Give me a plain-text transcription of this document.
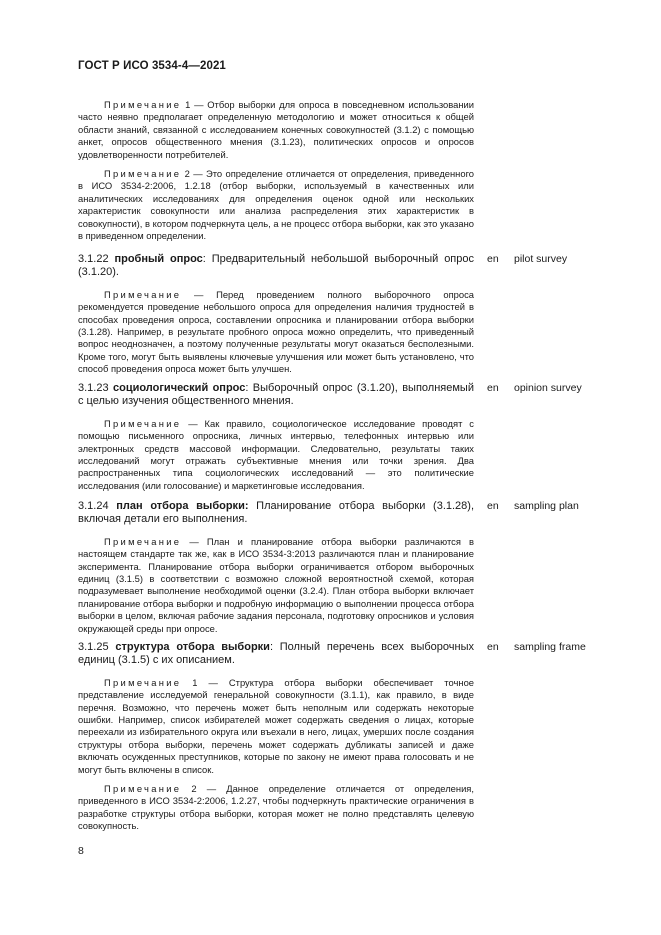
ГОСТ Р ИСО 3534-4—2021

Примечание 1 — Отбор выборки для опроса в повседневном использовании часто неявно предполагает определенную методологию и может относиться к общей области знаний, связанной с исследованием конечных совокупностей (3.1.2) с помощью анкет, опросов общественного мнения (3.1.23), политических опросов и опросов удовлетворенности потребителей.

Примечание 2 — Это определение отличается от определения, приведенного в ИСО 3534-2:2006, 1.2.18 (отбор выборки, используемый в качественных или аналитических исследованиях для определения оценок одной или нескольких характеристик совокупности или анализа распределения этих характеристик в совокупности), в котором подчеркнута цель, а не процесс отбора выборки, как это указано в приведенном определении.

3.1.22 пробный опрос: Предварительный небольшой выборочный опрос (3.1.20).

Примечание — Перед проведением полного выборочного опроса рекомендуется проведение небольшого опроса для определения наличия трудностей в способах проведения опроса, составлении опросника и планировании отбора выборки (3.1.28). Например, в результате пробного опроса можно определить, что приведенный вопрос неоднозначен, а поэтому полученные результаты могут оказаться бесполезными. Кроме того, могут быть выявлены ключевые улучшения или может быть установлено, что способ проведения опроса может быть улучшен.

en pilot survey

3.1.23 социологический опрос: Выборочный опрос (3.1.20), выполняемый с целью изучения общественного мнения.

Примечание — Как правило, социологическое исследование проводят с помощью письменного опросника, личных интервью, телефонных интервью или электронных средств массовой информации. Следовательно, результаты таких исследований могут отражать субъективные мнения или точки зрения. Два распространенных типа социологических исследований — это политические исследования (или голосование) и маркетинговые исследования.

en opinion survey

3.1.24 план отбора выборки: Планирование отбора выборки (3.1.28), включая детали его выполнения.

Примечание — План и планирование отбора выборки различаются в настоящем стандарте так же, как в ИСО 3534-3:2013 различаются план и планирование эксперимента. Планирование отбора выборки ограничивается отбором выборочных единиц (3.1.5) в соответствии с возможно сложной вероятностной схемой, которая подразумевает выполнение необходимой оценки (3.2.4). План отбора выборки включает планирование отбора выборки и подробную информацию о выполнении процесса отбора выборки в целом, включая рабочие задания персонала, подготовку опросников и условия окружающей среды при опросе.

en sampling plan

3.1.25 структура отбора выборки: Полный перечень всех выборочных единиц (3.1.5) с их описанием.

Примечание 1 — Структура отбора выборки обеспечивает точное представление исследуемой генеральной совокупности (3.1.1), как правило, в виде перечня. Возможно, что перечень может быть неполным или содержать некоторые ошибки. Например, список избирателей может содержать сведения о лицах, которые переехали из избирательного округа или въехали в него, лицах, умерших после создания структуры отбора выборки, перечень может содержать дубликаты записей и даже включать осужденных преступников, которые по закону не имеют права голосовать и не могут быть включены в список.

Примечание 2 — Данное определение отличается от определения, приведенного в ИСО 3534-2:2006, 1.2.27, чтобы подчеркнуть практические ограничения в разработке структуры отбора выборки, которая может не полно представлять целевую совокупность.

en sampling frame
8
